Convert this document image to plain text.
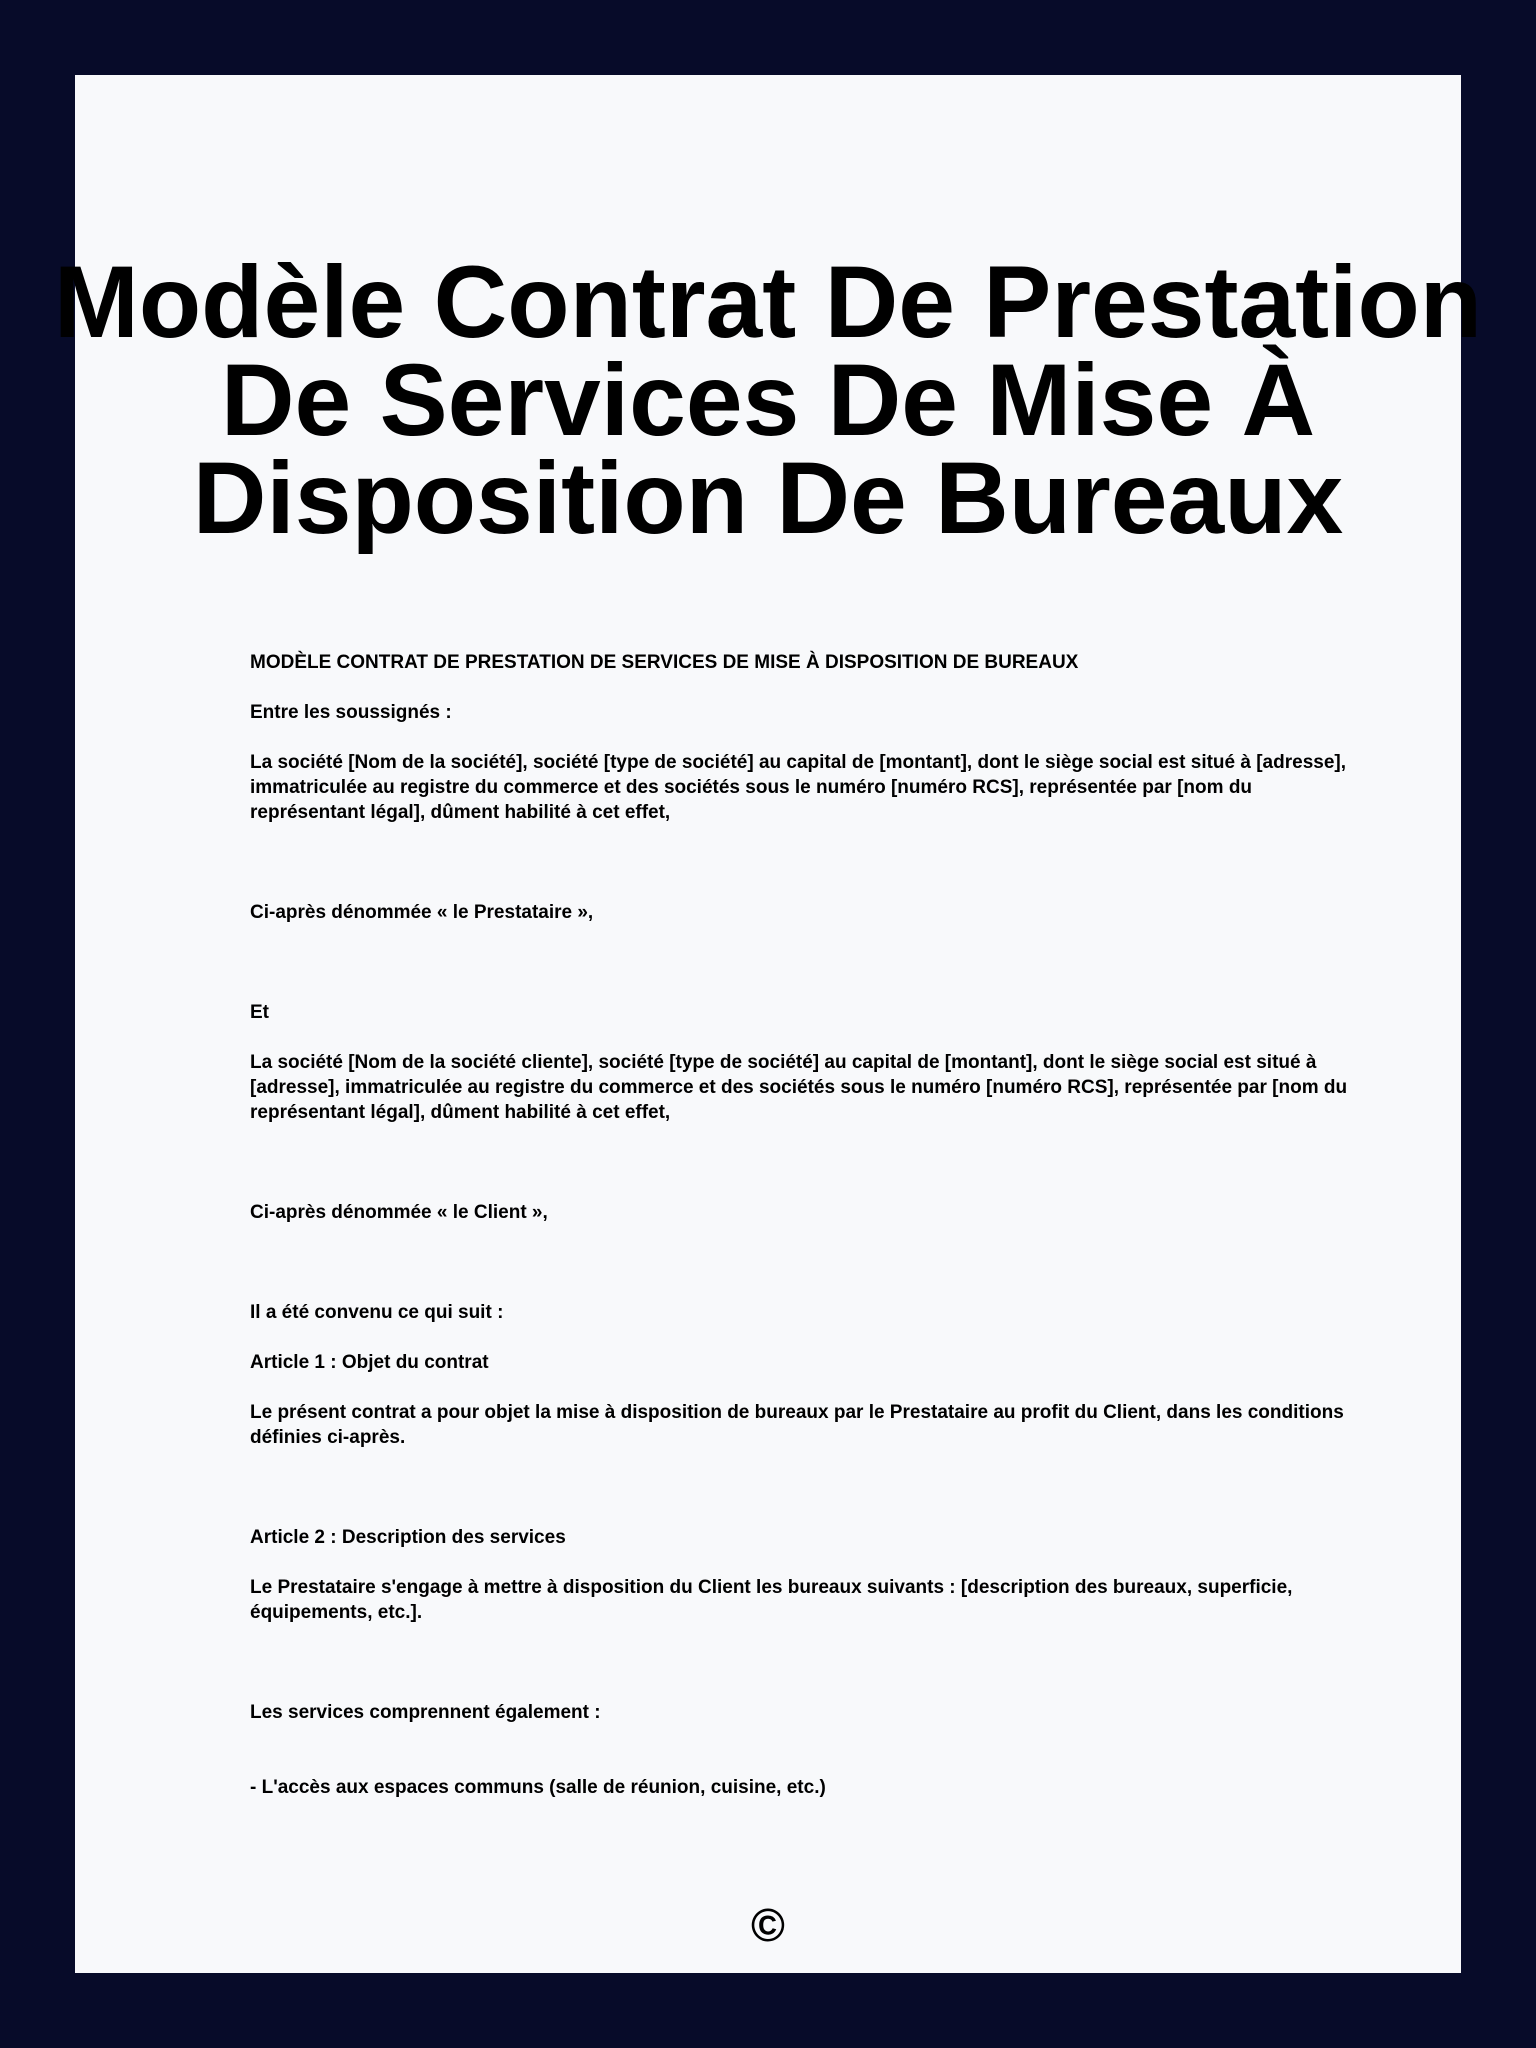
Modèle Contrat De Prestation De Services De Mise À Disposition De Bureaux

MODÈLE CONTRAT DE PRESTATION DE SERVICES DE MISE À DISPOSITION DE BUREAUX

Entre les soussignés :

La société [Nom de la société], société [type de société] au capital de [montant], dont le siège social est situé à [adresse], immatriculée au registre du commerce et des sociétés sous le numéro [numéro RCS], représentée par [nom du représentant légal], dûment habilité à cet effet,

Ci-après dénommée « le Prestataire »,

Et

La société [Nom de la société cliente], société [type de société] au capital de [montant], dont le siège social est situé à [adresse], immatriculée au registre du commerce et des sociétés sous le numéro [numéro RCS], représentée par [nom du représentant légal], dûment habilité à cet effet,

Ci-après dénommée « le Client »,

Il a été convenu ce qui suit :

Article 1 : Objet du contrat

Le présent contrat a pour objet la mise à disposition de bureaux par le Prestataire au profit du Client, dans les conditions définies ci-après.

Article 2 : Description des services

Le Prestataire s'engage à mettre à disposition du Client les bureaux suivants : [description des bureaux, superficie, équipements, etc.].

Les services comprennent également :

- L'accès aux espaces communs (salle de réunion, cuisine, etc.)

©
